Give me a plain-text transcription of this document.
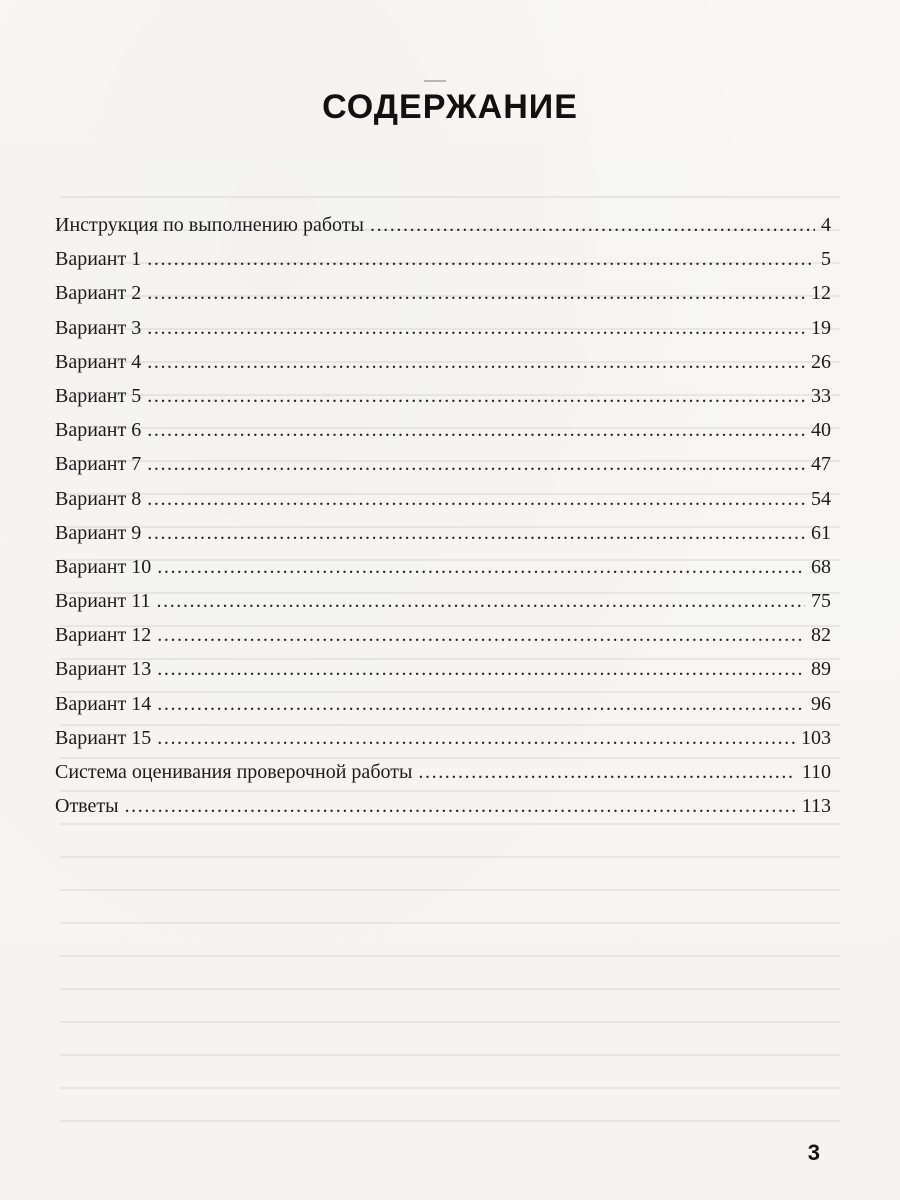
СОДЕРЖАНИЕ
Инструкция по выполнению работы .....	4
Вариант 1 .....	5
Вариант 2 .....	12
Вариант 3 .....	19
Вариант 4 .....	26
Вариант 5 .....	33
Вариант 6 .....	40
Вариант 7 .....	47
Вариант 8 .....	54
Вариант 9 .....	61
Вариант 10 .....	68
Вариант 11 .....	75
Вариант 12 .....	82
Вариант 13 .....	89
Вариант 14 .....	96
Вариант 15 .....	103
Система оценивания проверочной работы .....	110
Ответы .....	113
3
